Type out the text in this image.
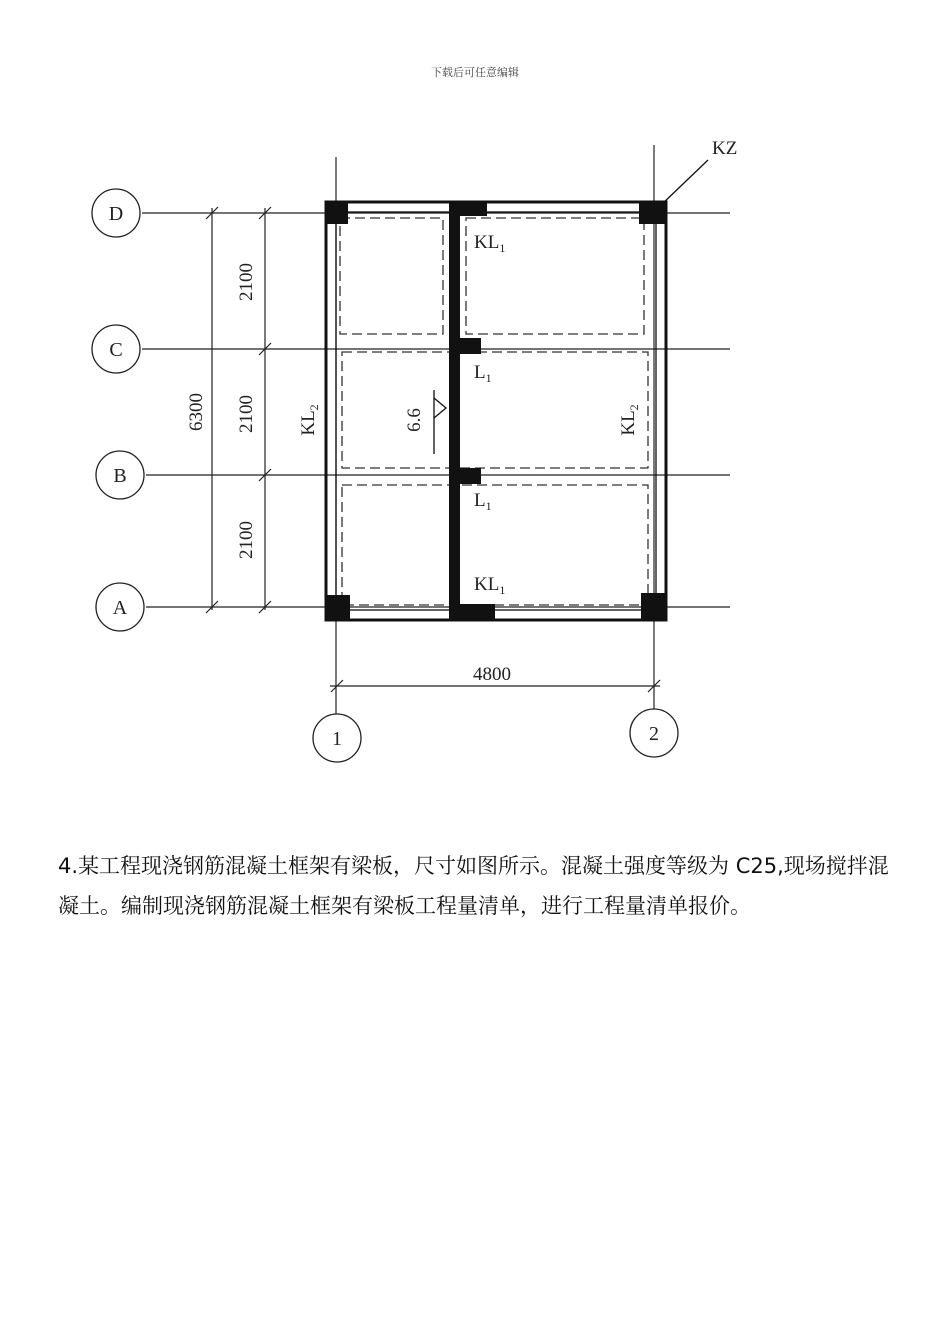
下载后可任意编辑
D
C
B
A
1	2
KZ
2100
2100
2100
6300
4800
$KL_1$
$L_1$
$L_1$
$KL_1$
$KL_2$
$KL_2$
6.6
4.某工程现浇钢筋混凝土框架有梁板，尺寸如图所示。混凝土强度等级为 C25,现场搅拌混凝土。编制现浇钢筋混凝土框架有梁板工程量清单，进行工程量清单报价。
